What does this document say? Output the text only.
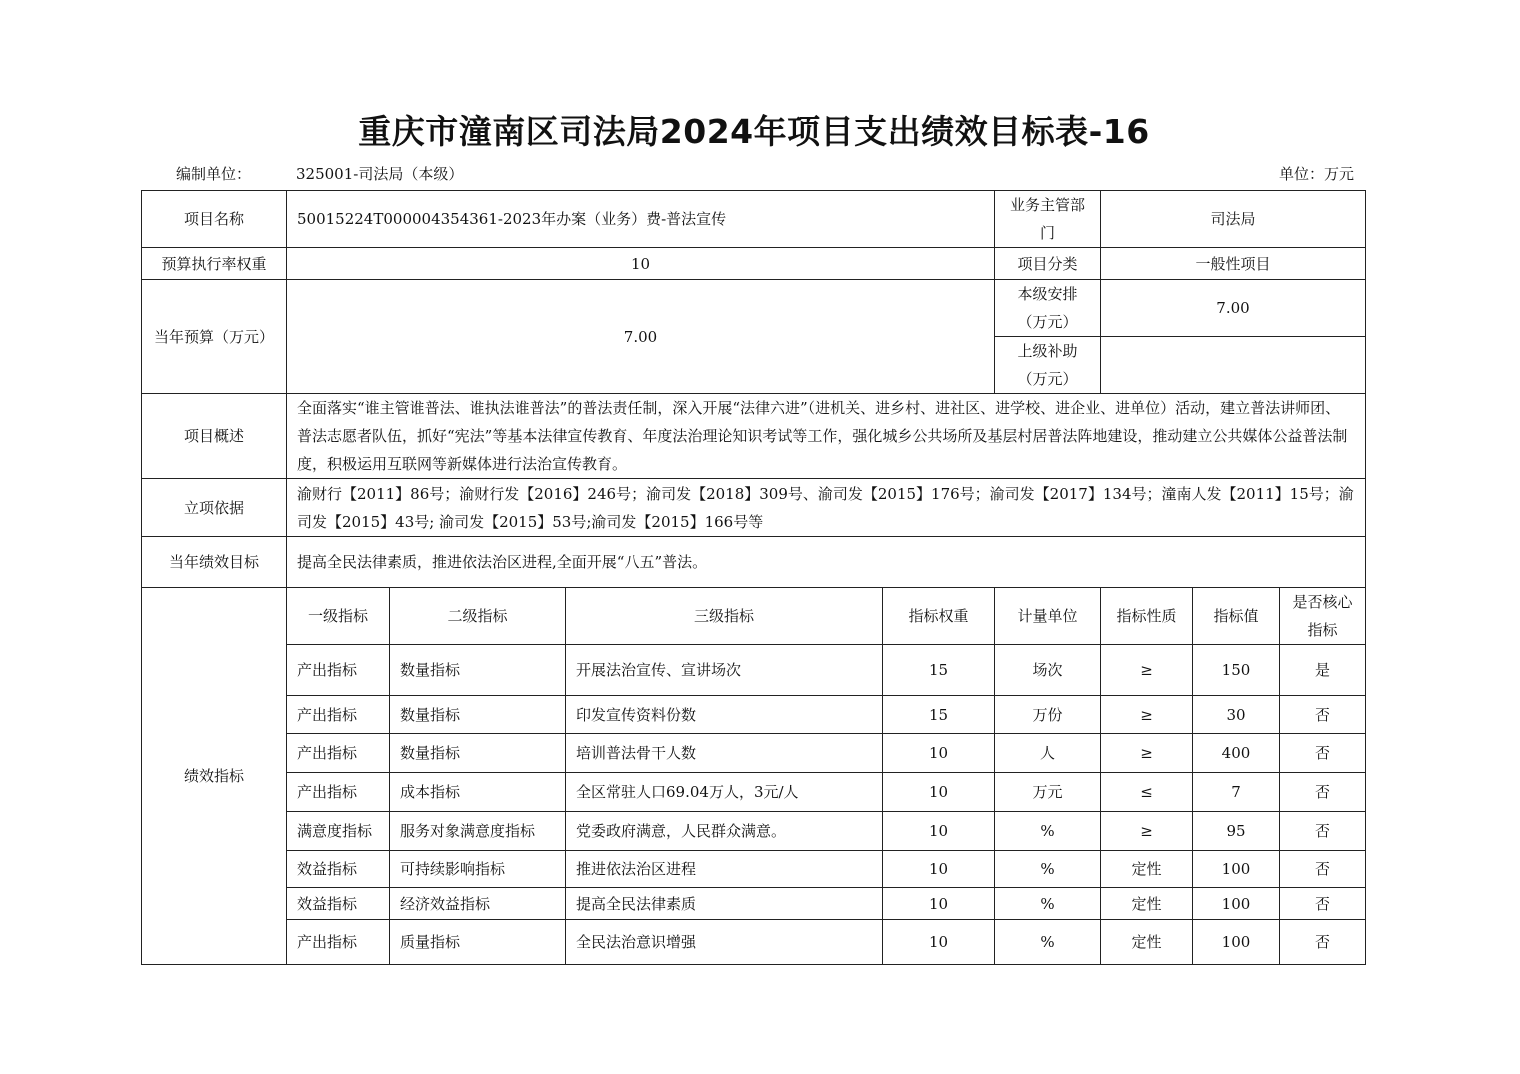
重庆市潼南区司法局2024年项目支出绩效目标表-16
编制单位：	325001-司法局（本级）	单位：万元
项目名称	50015224T000004354361-2023年办案（业务）费-普法宣传				业务主管部门	司法局		
预算执行率权重	10				项目分类	一般性项目		
当年预算（万元）	7.00				本级安排（万元）	7.00		
					上级补助（万元）			
项目概述	全面落实“谁主管谁普法、谁执法谁普法”的普法责任制，深入开展“法律六进”（进机关、进乡村、进社区、进学校、进企业、进单位）活动，建立普法讲师团、普法志愿者队伍，抓好“宪法”等基本法律宣传教育、年度法治理论知识考试等工作，强化城乡公共场所及基层村居普法阵地建设，推动建立公共媒体公益普法制度，积极运用互联网等新媒体进行法治宣传教育。							
立项依据	渝财行【2011】86号；渝财行发【2016】246号；渝司发【2018】309号、渝司发【2015】176号；渝司发【2017】134号；潼南人发【2011】15号；渝司发【2015】43号; 渝司发【2015】53号;渝司发【2015】166号等							
当年绩效目标	提高全民法律素质，推进依法治区进程,全面开展“八五”普法。							
绩效指标	一级指标	二级指标	三级指标	指标权重	计量单位	指标性质	指标值	是否核心
指标
	产出指标	数量指标	开展法治宣传、宣讲场次	15	场次	≥	150	是
	产出指标	数量指标	印发宣传资料份数	15	万份	≥	30	否
	产出指标	数量指标	培训普法骨干人数	10	人	≥	400	否
	产出指标	成本指标	全区常驻人口69.04万人，3元/人	10	万元	≤	7	否
	满意度指标	服务对象满意度指标	党委政府满意，人民群众满意。	10	%	≥	95	否
	效益指标	可持续影响指标	推进依法治区进程	10	%	定性	100	否
	效益指标	经济效益指标	提高全民法律素质	10	%	定性	100	否
	产出指标	质量指标	全民法治意识增强	10	%	定性	100	否
